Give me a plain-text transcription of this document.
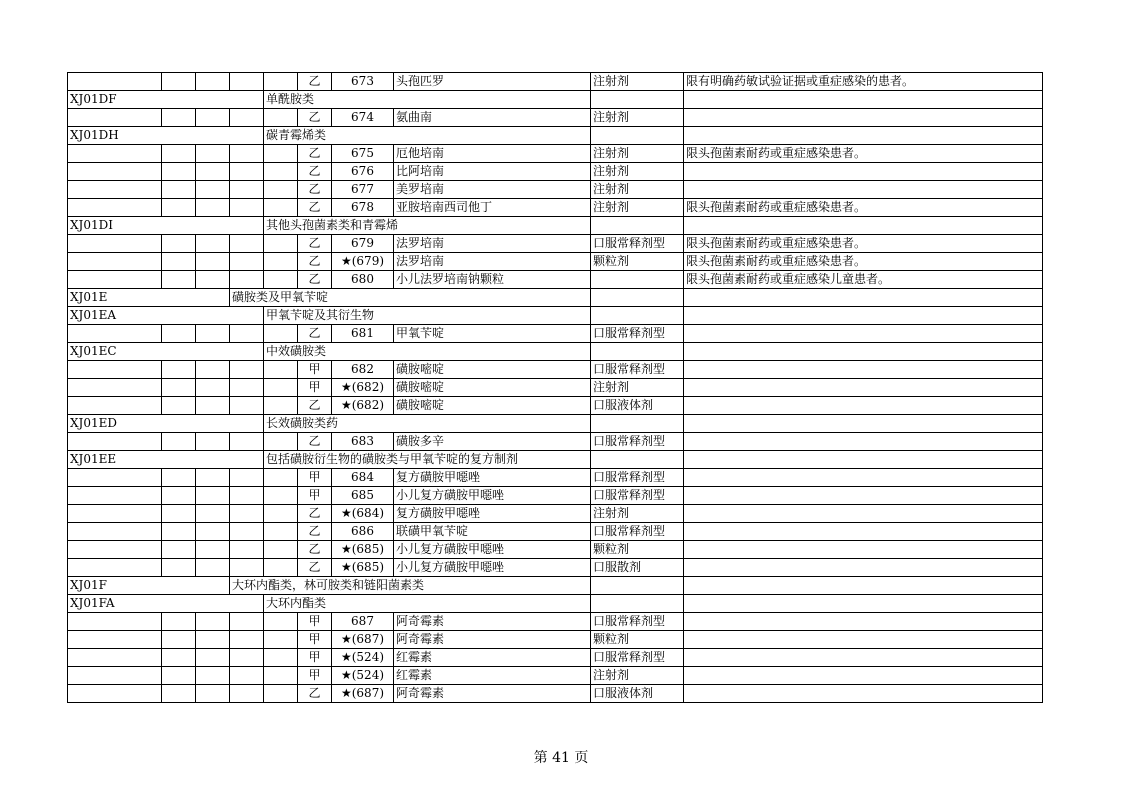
					乙	673	头孢匹罗	注射剂	限有明确药敏试验证据或重症感染的患者。
XJ01DF				单酰胺类					
					乙	674	氨曲南	注射剂	
XJ01DH				碳青霉烯类					
					乙	675	厄他培南	注射剂	限头孢菌素耐药或重症感染患者。
					乙	676	比阿培南	注射剂	
					乙	677	美罗培南	注射剂	
					乙	678	亚胺培南西司他丁	注射剂	限头孢菌素耐药或重症感染患者。
XJ01DI				其他头孢菌素类和青霉烯					
					乙	679	法罗培南	口服常释剂型	限头孢菌素耐药或重症感染患者。
					乙	★(679)	法罗培南	颗粒剂	限头孢菌素耐药或重症感染患者。
					乙	680	小儿法罗培南钠颗粒		限头孢菌素耐药或重症感染儿童患者。
XJ01E			磺胺类及甲氧苄啶						
XJ01EA				甲氧苄啶及其衍生物					
					乙	681	甲氧苄啶	口服常释剂型	
XJ01EC				中效磺胺类					
					甲	682	磺胺嘧啶	口服常释剂型	
					甲	★(682)	磺胺嘧啶	注射剂	
					乙	★(682)	磺胺嘧啶	口服液体剂	
XJ01ED				长效磺胺类药					
					乙	683	磺胺多辛	口服常释剂型	
XJ01EE				包括磺胺衍生物的磺胺类与甲氧苄啶的复方制剂					
					甲	684	复方磺胺甲噁唑	口服常释剂型	
					甲	685	小儿复方磺胺甲噁唑	口服常释剂型	
					乙	★(684)	复方磺胺甲噁唑	注射剂	
					乙	686	联磺甲氧苄啶	口服常释剂型	
					乙	★(685)	小儿复方磺胺甲噁唑	颗粒剂	
					乙	★(685)	小儿复方磺胺甲噁唑	口服散剂	
XJ01F			大环内酯类，林可胺类和链阳菌素类						
XJ01FA				大环内酯类					
					甲	687	阿奇霉素	口服常释剂型	
					甲	★(687)	阿奇霉素	颗粒剂	
					甲	★(524)	红霉素	口服常释剂型	
					甲	★(524)	红霉素	注射剂	
					乙	★(687)	阿奇霉素	口服液体剂	
第 41 页
